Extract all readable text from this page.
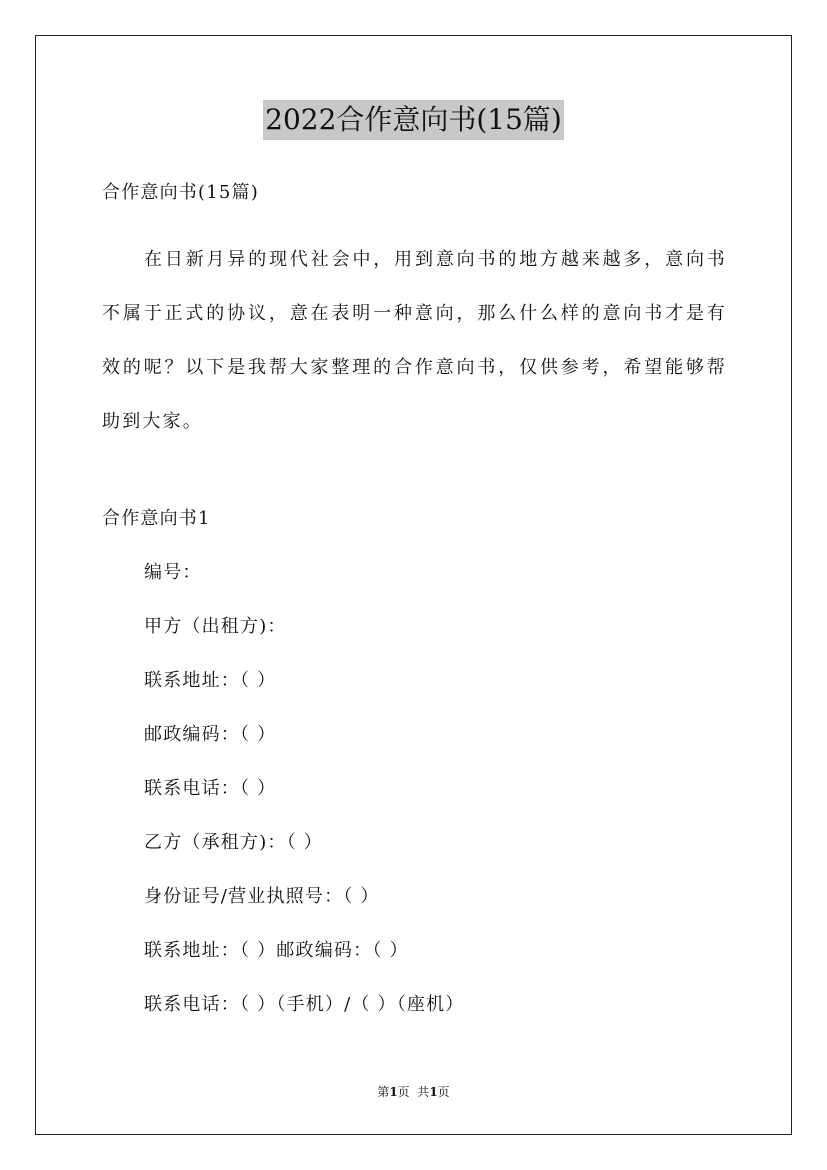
2022合作意向书(15篇)
合作意向书(15篇)
在日新月异的现代社会中，用到意向书的地方越来越多，意向书不属于正式的协议，意在表明一种意向，那么什么样的意向书才是有效的呢？以下是我帮大家整理的合作意向书，仅供参考，希望能够帮助到大家。
合作意向书1
编号：
甲方（出租方)：
联系地址：（ ）
邮政编码：（ ）
联系电话：（ ）
乙方（承租方)：（ ）
身份证号/营业执照号：（ ）
联系地址：（ ）邮政编码：（ ）
联系电话：（ ）（手机）/（ ）（座机）
第1页  共1页
